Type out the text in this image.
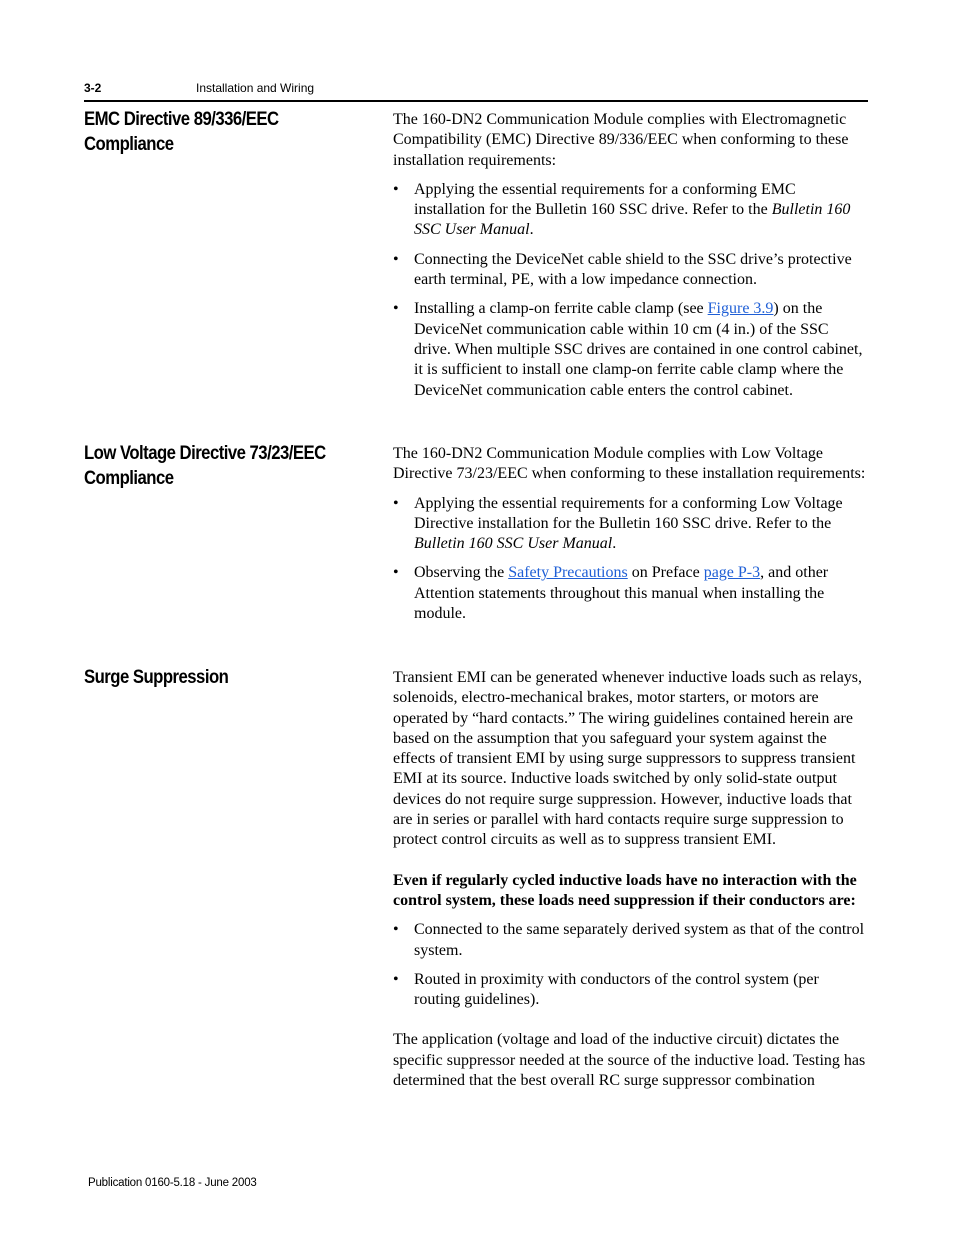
3-2	Installation and Wiring
EMC Directive 89/336/EEC Compliance

The 160-DN2 Communication Module complies with Electromagnetic Compatibility (EMC) Directive 89/336/EEC when conforming to these installation requirements:

• Applying the essential requirements for a conforming EMC installation for the Bulletin 160 SSC drive. Refer to the Bulletin 160 SSC User Manual.
• Connecting the DeviceNet cable shield to the SSC drive’s protective earth terminal, PE, with a low impedance connection.
• Installing a clamp-on ferrite cable clamp (see Figure 3.9) on the DeviceNet communication cable within 10 cm (4 in.) of the SSC drive. When multiple SSC drives are contained in one control cabinet, it is sufficient to install one clamp-on ferrite cable clamp where the DeviceNet communication cable enters the control cabinet.
Low Voltage Directive 73/23/EEC Compliance

The 160-DN2 Communication Module complies with Low Voltage Directive 73/23/EEC when conforming to these installation requirements:

• Applying the essential requirements for a conforming Low Voltage Directive installation for the Bulletin 160 SSC drive. Refer to the Bulletin 160 SSC User Manual.
• Observing the Safety Precautions on Preface page P-3, and other Attention statements throughout this manual when installing the module.
Surge Suppression	Transient EMI can be generated whenever inductive loads such as relays, solenoids, electro-mechanical brakes, motor starters, or motors are operated by “hard contacts.” The wiring guidelines contained herein are based on the assumption that you safeguard your system against the effects of transient EMI by using surge suppressors to suppress transient EMI at its source. Inductive loads switched by only solid-state output devices do not require surge suppression. However, inductive loads that are in series or parallel with hard contacts require surge suppression to protect control circuits as well as to suppress transient EMI.

Even if regularly cycled inductive loads have no interaction with the control system, these loads need suppression if their conductors are:

• Connected to the same separately derived system as that of the control system.
• Routed in proximity with conductors of the control system (per routing guidelines).

The application (voltage and load of the inductive circuit) dictates the specific suppressor needed at the source of the inductive load. Testing has determined that the best overall RC surge suppressor combination

Publication 0160-5.18 - June 2003
